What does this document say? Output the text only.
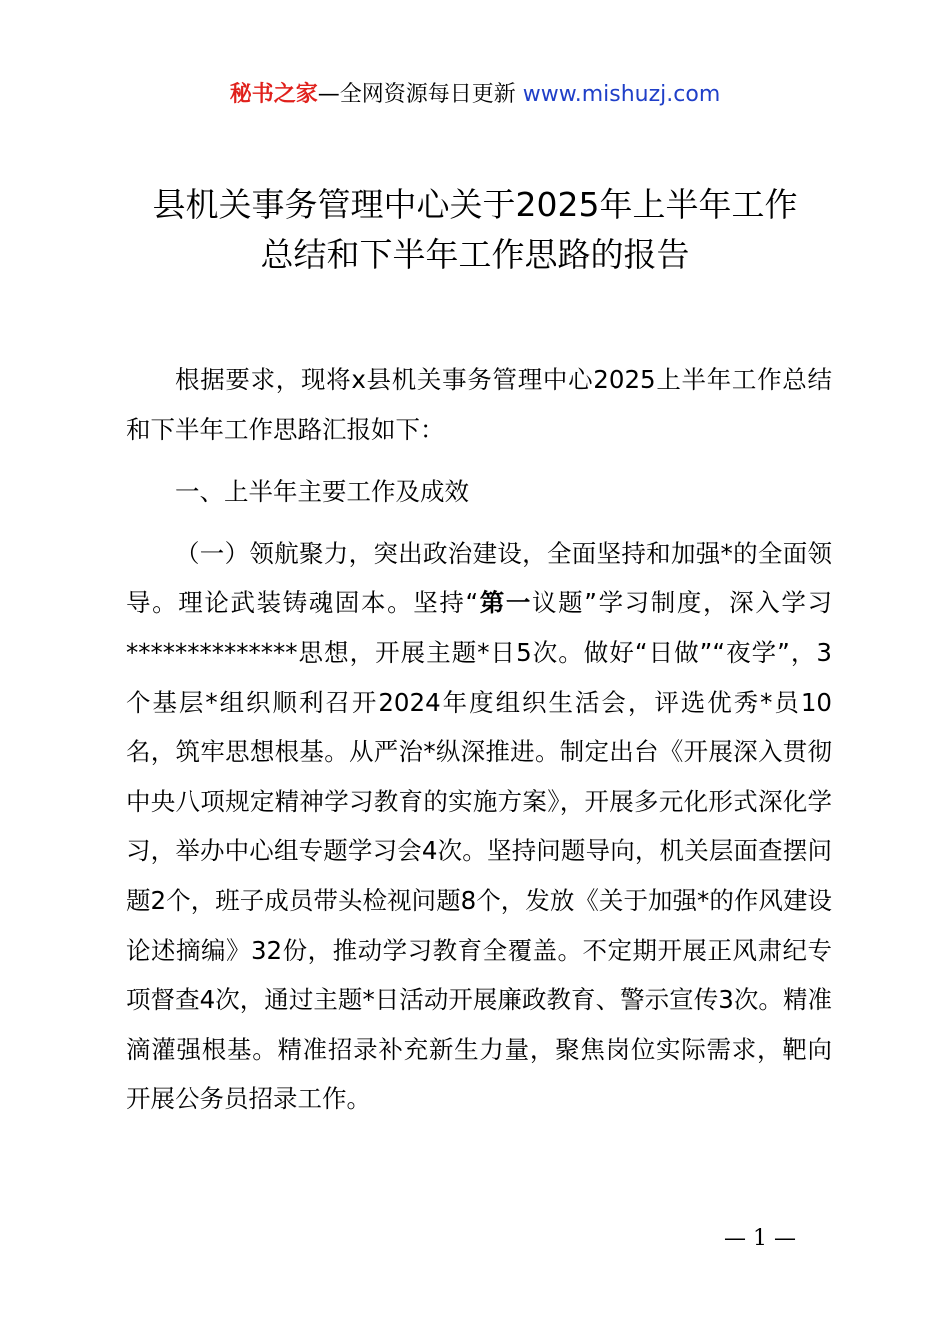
秘书之家—全网资源每日更新 www.mishuzj.com
县机关事务管理中心关于2025年上半年工作
总结和下半年工作思路的报告

根据要求，现将x县机关事务管理中心2025上半年工作总结和下半年工作思路汇报如下：

一、上半年主要工作及成效

（一）领航聚力，突出政治建设，全面坚持和加强*的全面领导。理论武装铸魂固本。坚持“第一议题”学习制度，深入学习**************思想，开展主题*日5次。做好“日做”“夜学”，3个基层*组织顺利召开2024年度组织生活会，评选优秀*员10名，筑牢思想根基。从严治*纵深推进。制定出台《开展深入贯彻中央八项规定精神学习教育的实施方案》，开展多元化形式深化学习，举办中心组专题学习会4次。坚持问题导向，机关层面查摆问题2个，班子成员带头检视问题8个，发放《关于加强*的作风建设论述摘编》32份，推动学习教育全覆盖。不定期开展正风肃纪专项督查4次，通过主题*日活动开展廉政教育、警示宣传3次。精准滴灌强根基。精准招录补充新生力量，聚焦岗位实际需求，靶向开展公务员招录工作。

— 1 —
